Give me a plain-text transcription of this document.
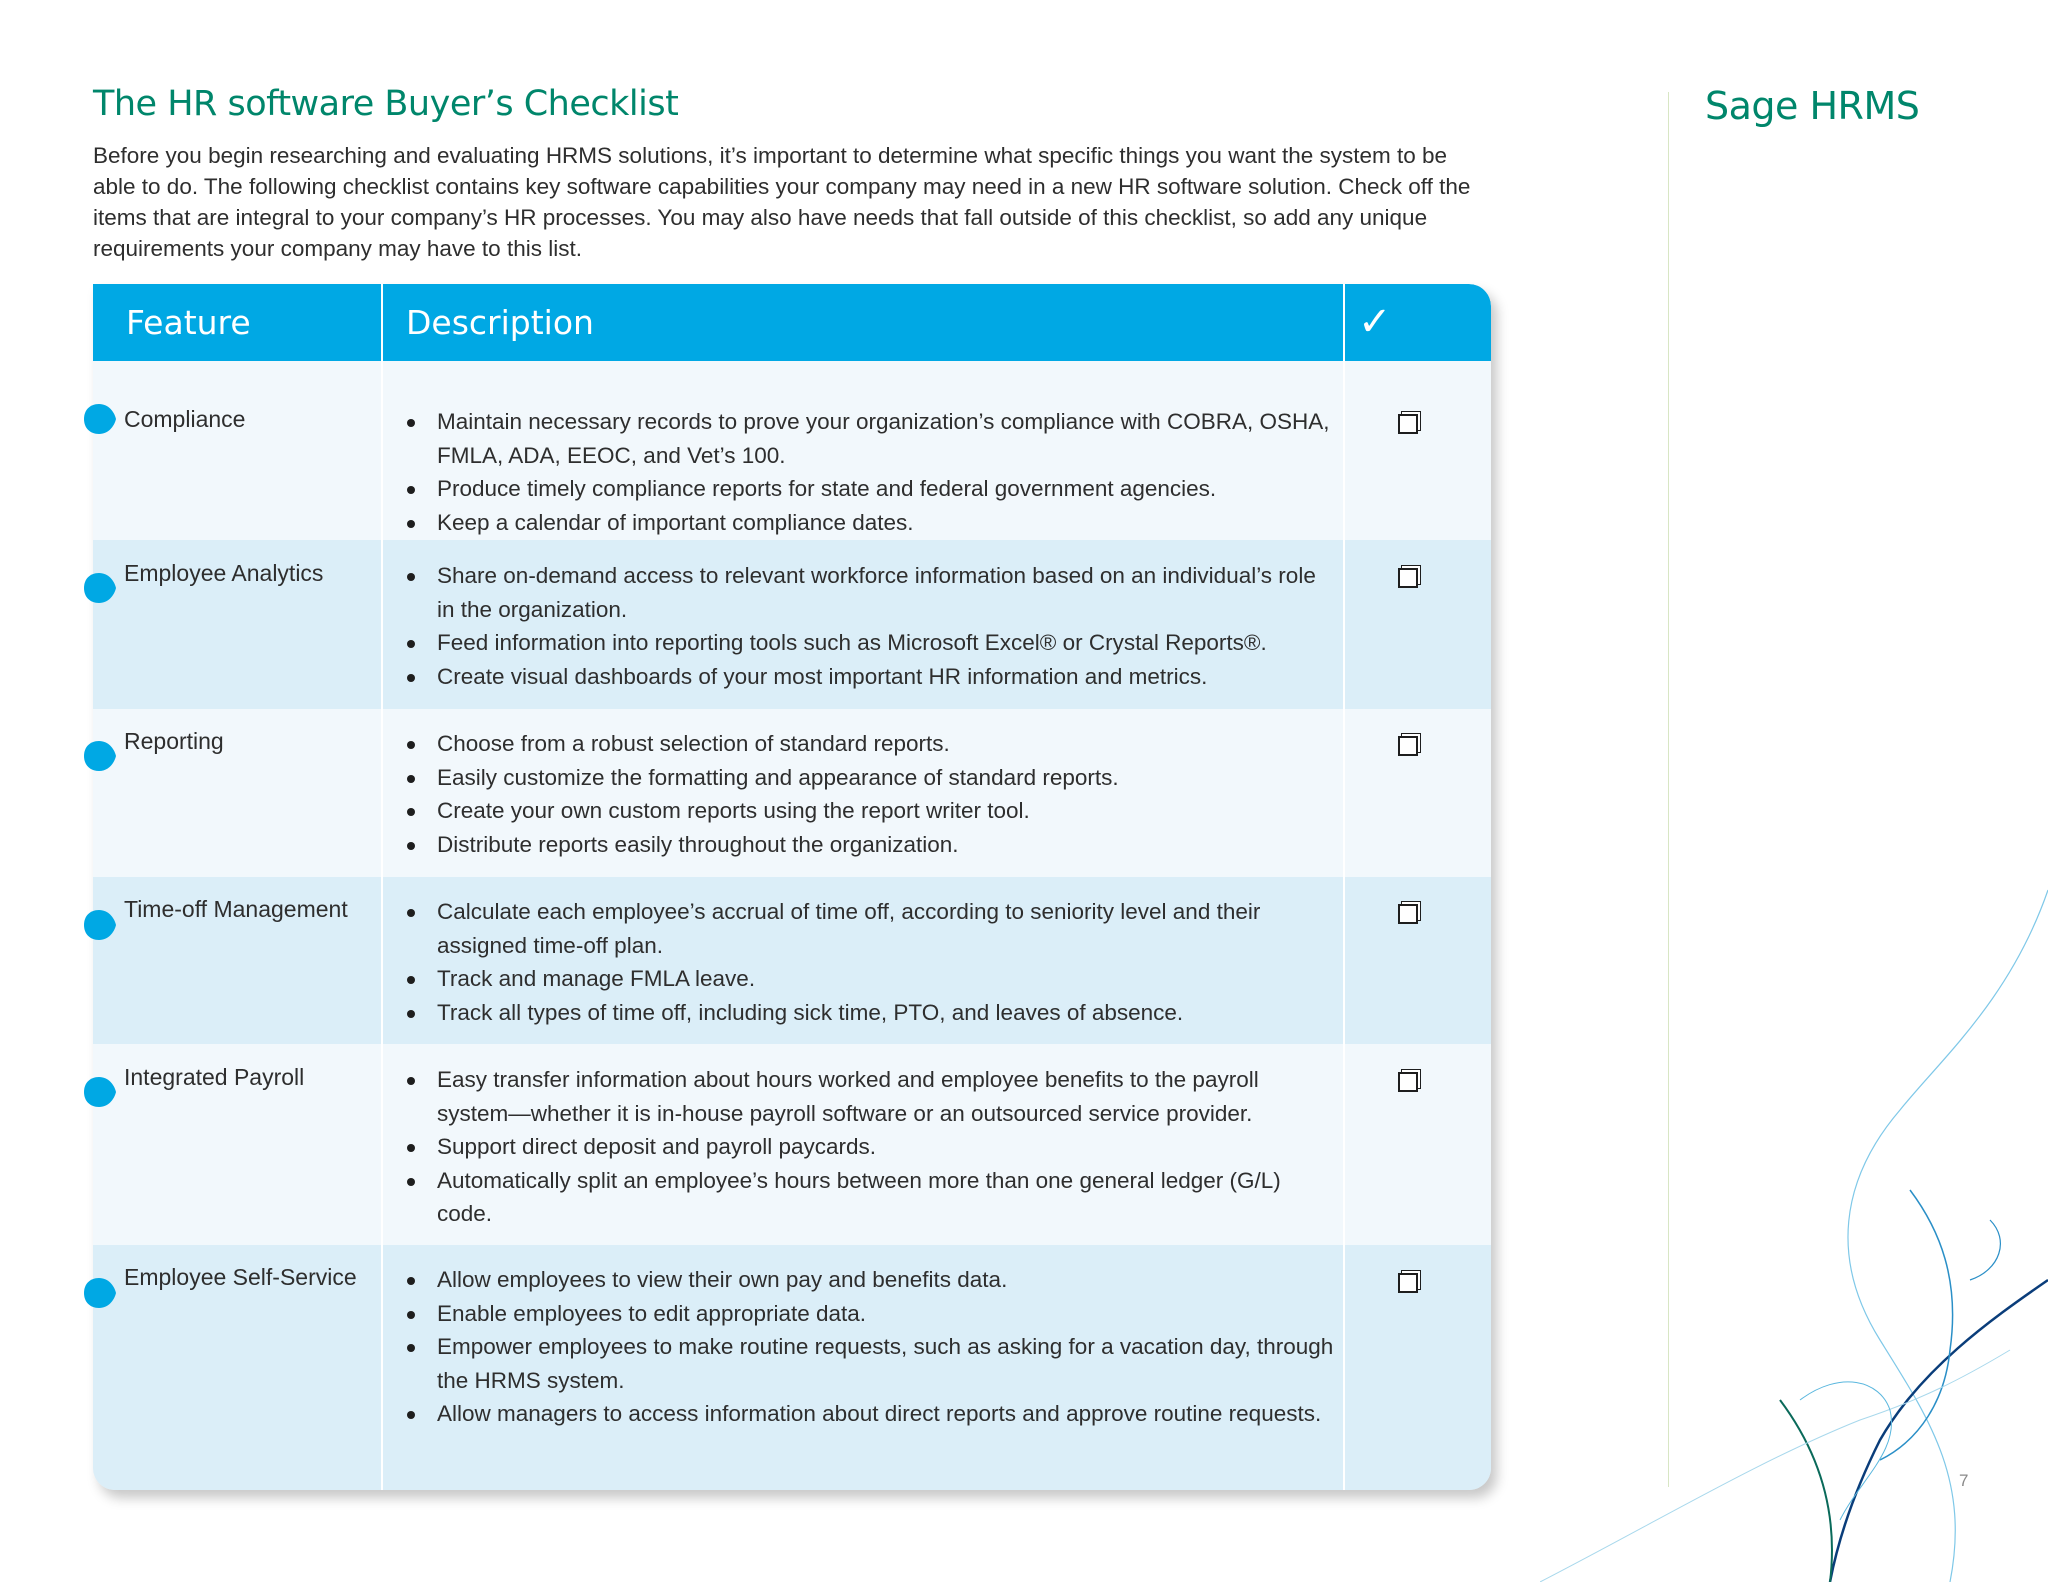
The HR software Buyer’s Checklist
Before you begin researching and evaluating HRMS solutions, it’s important to determine what specific things you want the system to be able to do. The following checklist contains key software capabilities your company may need in a new HR software solution. Check off the items that are integral to your company’s HR processes. You may also have needs that fall outside of this checklist, so add any unique requirements your company may have to this list.
Sage HRMS
Feature	Description	✓
Compliance	Maintain necessary records to prove your organization’s compliance with COBRA, OSHA, FMLA, ADA, EEOC, and Vet’s 100.
Produce timely compliance reports for state and federal government agencies.
Keep a calendar of important compliance dates.
Employee Analytics	Share on-demand access to relevant workforce information based on an individual’s role in the organization.
Feed information into reporting tools such as Microsoft Excel® or Crystal Reports®.
Create visual dashboards of your most important HR information and metrics.
Reporting	Choose from a robust selection of standard reports.
Easily customize the formatting and appearance of standard reports.
Create your own custom reports using the report writer tool.
Distribute reports easily throughout the organization.
Time-off Management	Calculate each employee’s accrual of time off, according to seniority level and their assigned time-off plan.
Track and manage FMLA leave.
Track all types of time off, including sick time, PTO, and leaves of absence.
Integrated Payroll	Easy transfer information about hours worked and employee benefits to the payroll system—whether it is in-house payroll software or an outsourced service provider.
Support direct deposit and payroll paycards.
Automatically split an employee’s hours between more than one general ledger (G/L) code.
Employee Self-Service	Allow employees to view their own pay and benefits data.
Enable employees to edit appropriate data.
Empower employees to make routine requests, such as asking for a vacation day, through the HRMS system.
Allow managers to access information about direct reports and approve routine requests.
7
